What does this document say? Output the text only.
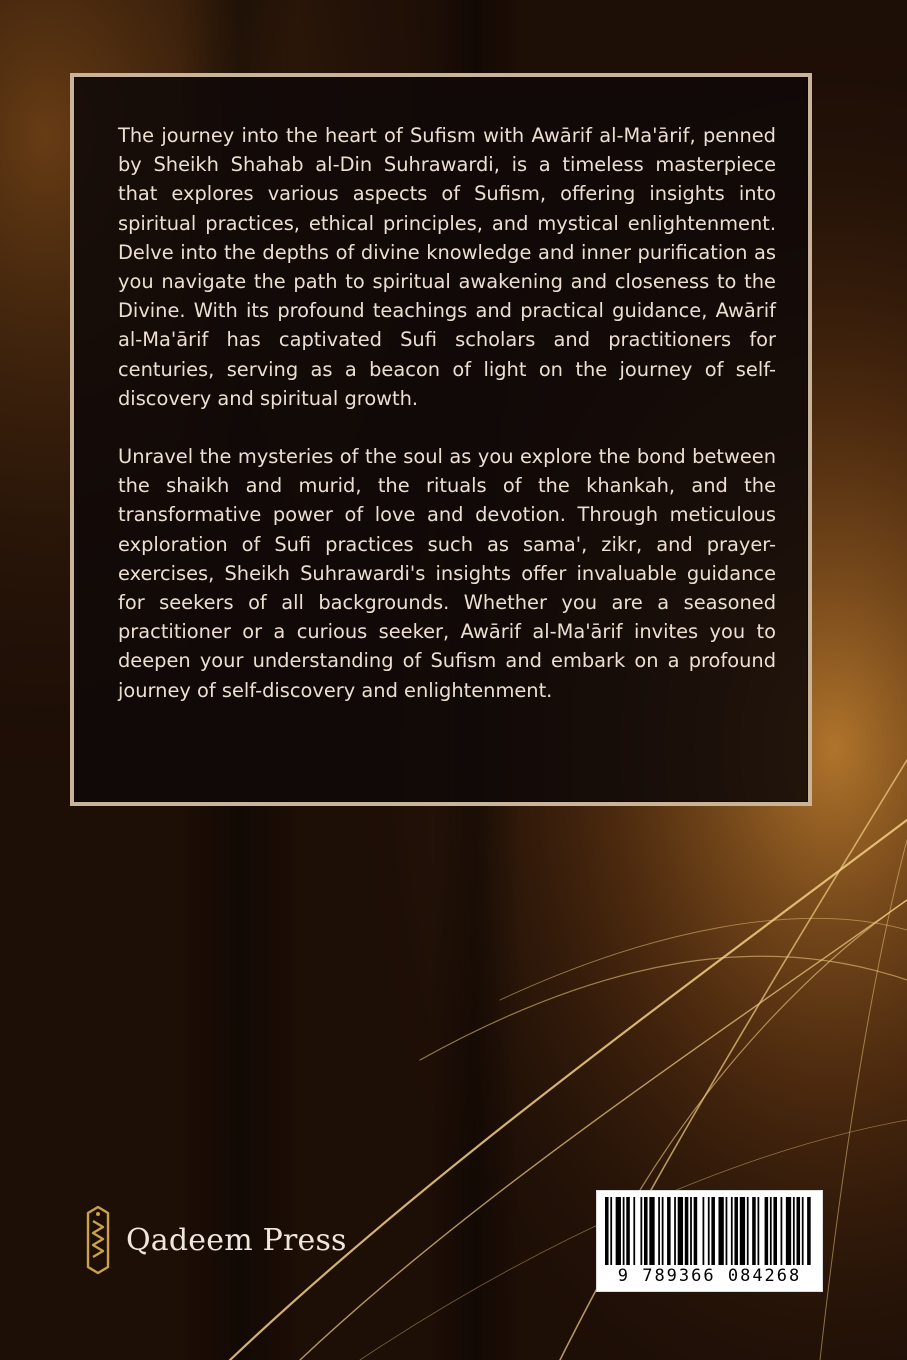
The journey into the heart of Sufism with Awārif al-Ma'ārif, penned by Sheikh Shahab al-Din Suhrawardi, is a timeless masterpiece that explores various aspects of Sufism, offering insights into spiritual practices, ethical principles, and mystical enlightenment. Delve into the depths of divine knowledge and inner purification as you navigate the path to spiritual awakening and closeness to the Divine. With its profound teachings and practical guidance, Awārif al-Ma'ārif has captivated Sufi scholars and practitioners for centuries, serving as a beacon of light on the journey of self-discovery and spiritual growth.

Unravel the mysteries of the soul as you explore the bond between the shaikh and murid, the rituals of the khankah, and the transformative power of love and devotion. Through meticulous exploration of Sufi practices such as sama', zikr, and prayer-exercises, Sheikh Suhrawardi's insights offer invaluable guidance for seekers of all backgrounds. Whether you are a seasoned practitioner or a curious seeker, Awārif al-Ma'ārif invites you to deepen your understanding of Sufism and embark on a profound journey of self-discovery and enlightenment.

Qadeem Press
9 789366 084268
